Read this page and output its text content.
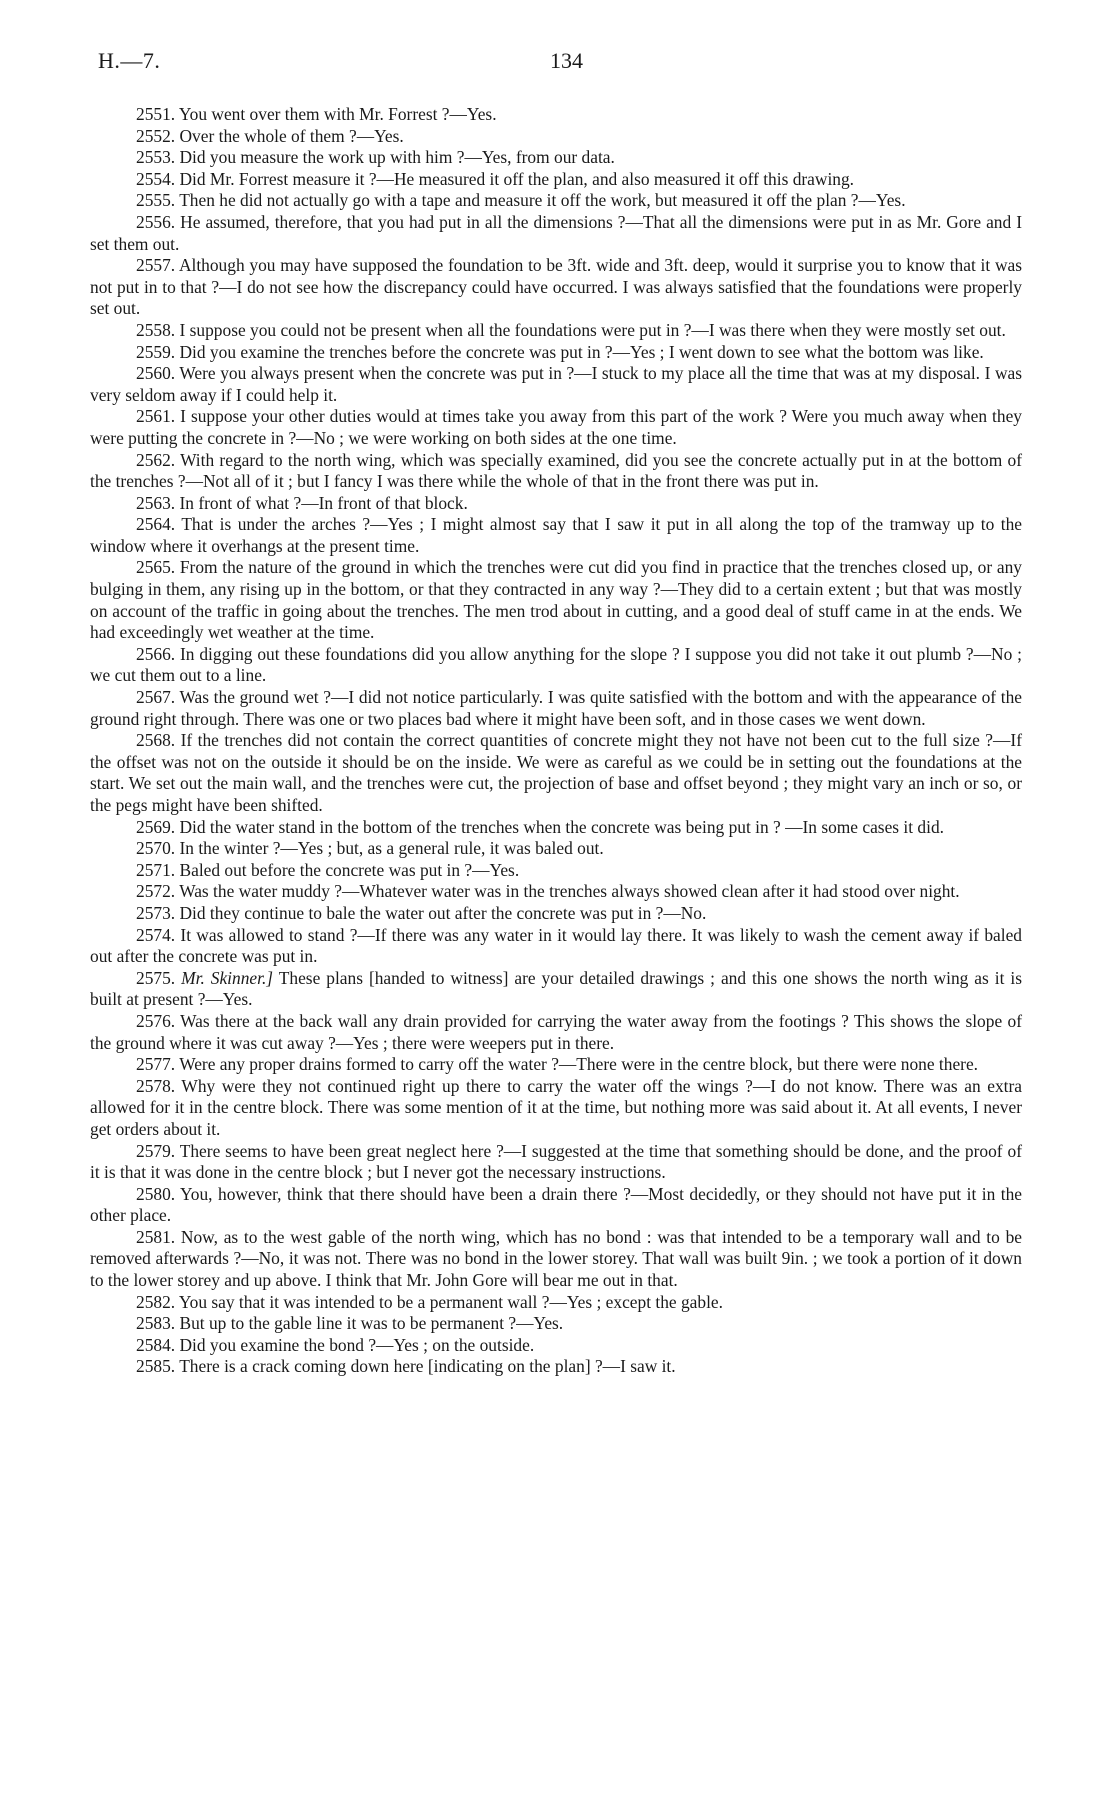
H.—7.	134

2551. You went over them with Mr. Forrest ?—Yes.

2552. Over the whole of them ?—Yes.

2553. Did you measure the work up with him ?—Yes, from our data.

2554. Did Mr. Forrest measure it ?—He measured it off the plan, and also measured it off this drawing.

2555. Then he did not actually go with a tape and measure it off the work, but measured it off the plan ?—Yes.

2556. He assumed, therefore, that you had put in all the dimensions ?—That all the dimensions were put in as Mr. Gore and I set them out.

2557. Although you may have supposed the foundation to be 3ft. wide and 3ft. deep, would it surprise you to know that it was not put in to that ?—I do not see how the discrepancy could have occurred. I was always satisfied that the foundations were properly set out.

2558. I suppose you could not be present when all the foundations were put in ?—I was there when they were mostly set out.

2559. Did you examine the trenches before the concrete was put in ?—Yes ; I went down to see what the bottom was like.

2560. Were you always present when the concrete was put in ?—I stuck to my place all the time that was at my disposal. I was very seldom away if I could help it.

2561. I suppose your other duties would at times take you away from this part of the work ? Were you much away when they were putting the concrete in ?—No ; we were working on both sides at the one time.

2562. With regard to the north wing, which was specially examined, did you see the concrete actually put in at the bottom of the trenches ?—Not all of it ; but I fancy I was there while the whole of that in the front there was put in.

2563. In front of what ?—In front of that block.

2564. That is under the arches ?—Yes ; I might almost say that I saw it put in all along the top of the tramway up to the window where it overhangs at the present time.

2565. From the nature of the ground in which the trenches were cut did you find in practice that the trenches closed up, or any bulging in them, any rising up in the bottom, or that they contracted in any way ?—They did to a certain extent ; but that was mostly on account of the traffic in going about the trenches. The men trod about in cutting, and a good deal of stuff came in at the ends. We had exceedingly wet weather at the time.

2566. In digging out these foundations did you allow anything for the slope ? I suppose you did not take it out plumb ?—No ; we cut them out to a line.

2567. Was the ground wet ?—I did not notice particularly. I was quite satisfied with the bottom and with the appearance of the ground right through. There was one or two places bad where it might have been soft, and in those cases we went down.

2568. If the trenches did not contain the correct quantities of concrete might they not have not been cut to the full size ?—If the offset was not on the outside it should be on the inside. We were as careful as we could be in setting out the foundations at the start. We set out the main wall, and the trenches were cut, the projection of base and offset beyond ; they might vary an inch or so, or the pegs might have been shifted.

2569. Did the water stand in the bottom of the trenches when the concrete was being put in ? —In some cases it did.

2570. In the winter ?—Yes ; but, as a general rule, it was baled out.

2571. Baled out before the concrete was put in ?—Yes.

2572. Was the water muddy ?—Whatever water was in the trenches always showed clean after it had stood over night.

2573. Did they continue to bale the water out after the concrete was put in ?—No.

2574. It was allowed to stand ?—If there was any water in it would lay there. It was likely to wash the cement away if baled out after the concrete was put in.

2575. Mr. Skinner.] These plans [handed to witness] are your detailed drawings ; and this one shows the north wing as it is built at present ?—Yes.

2576. Was there at the back wall any drain provided for carrying the water away from the footings ? This shows the slope of the ground where it was cut away ?—Yes ; there were weepers put in there.

2577. Were any proper drains formed to carry off the water ?—There were in the centre block, but there were none there.

2578. Why were they not continued right up there to carry the water off the wings ?—I do not know. There was an extra allowed for it in the centre block. There was some mention of it at the time, but nothing more was said about it. At all events, I never get orders about it.

2579. There seems to have been great neglect here ?—I suggested at the time that something should be done, and the proof of it is that it was done in the centre block ; but I never got the necessary instructions.

2580. You, however, think that there should have been a drain there ?—Most decidedly, or they should not have put it in the other place.

2581. Now, as to the west gable of the north wing, which has no bond : was that intended to be a temporary wall and to be removed afterwards ?—No, it was not. There was no bond in the lower storey. That wall was built 9in. ; we took a portion of it down to the lower storey and up above. I think that Mr. John Gore will bear me out in that.

2582. You say that it was intended to be a permanent wall ?—Yes ; except the gable.

2583. But up to the gable line it was to be permanent ?—Yes.

2584. Did you examine the bond ?—Yes ; on the outside.

2585. There is a crack coming down here [indicating on the plan] ?—I saw it.
